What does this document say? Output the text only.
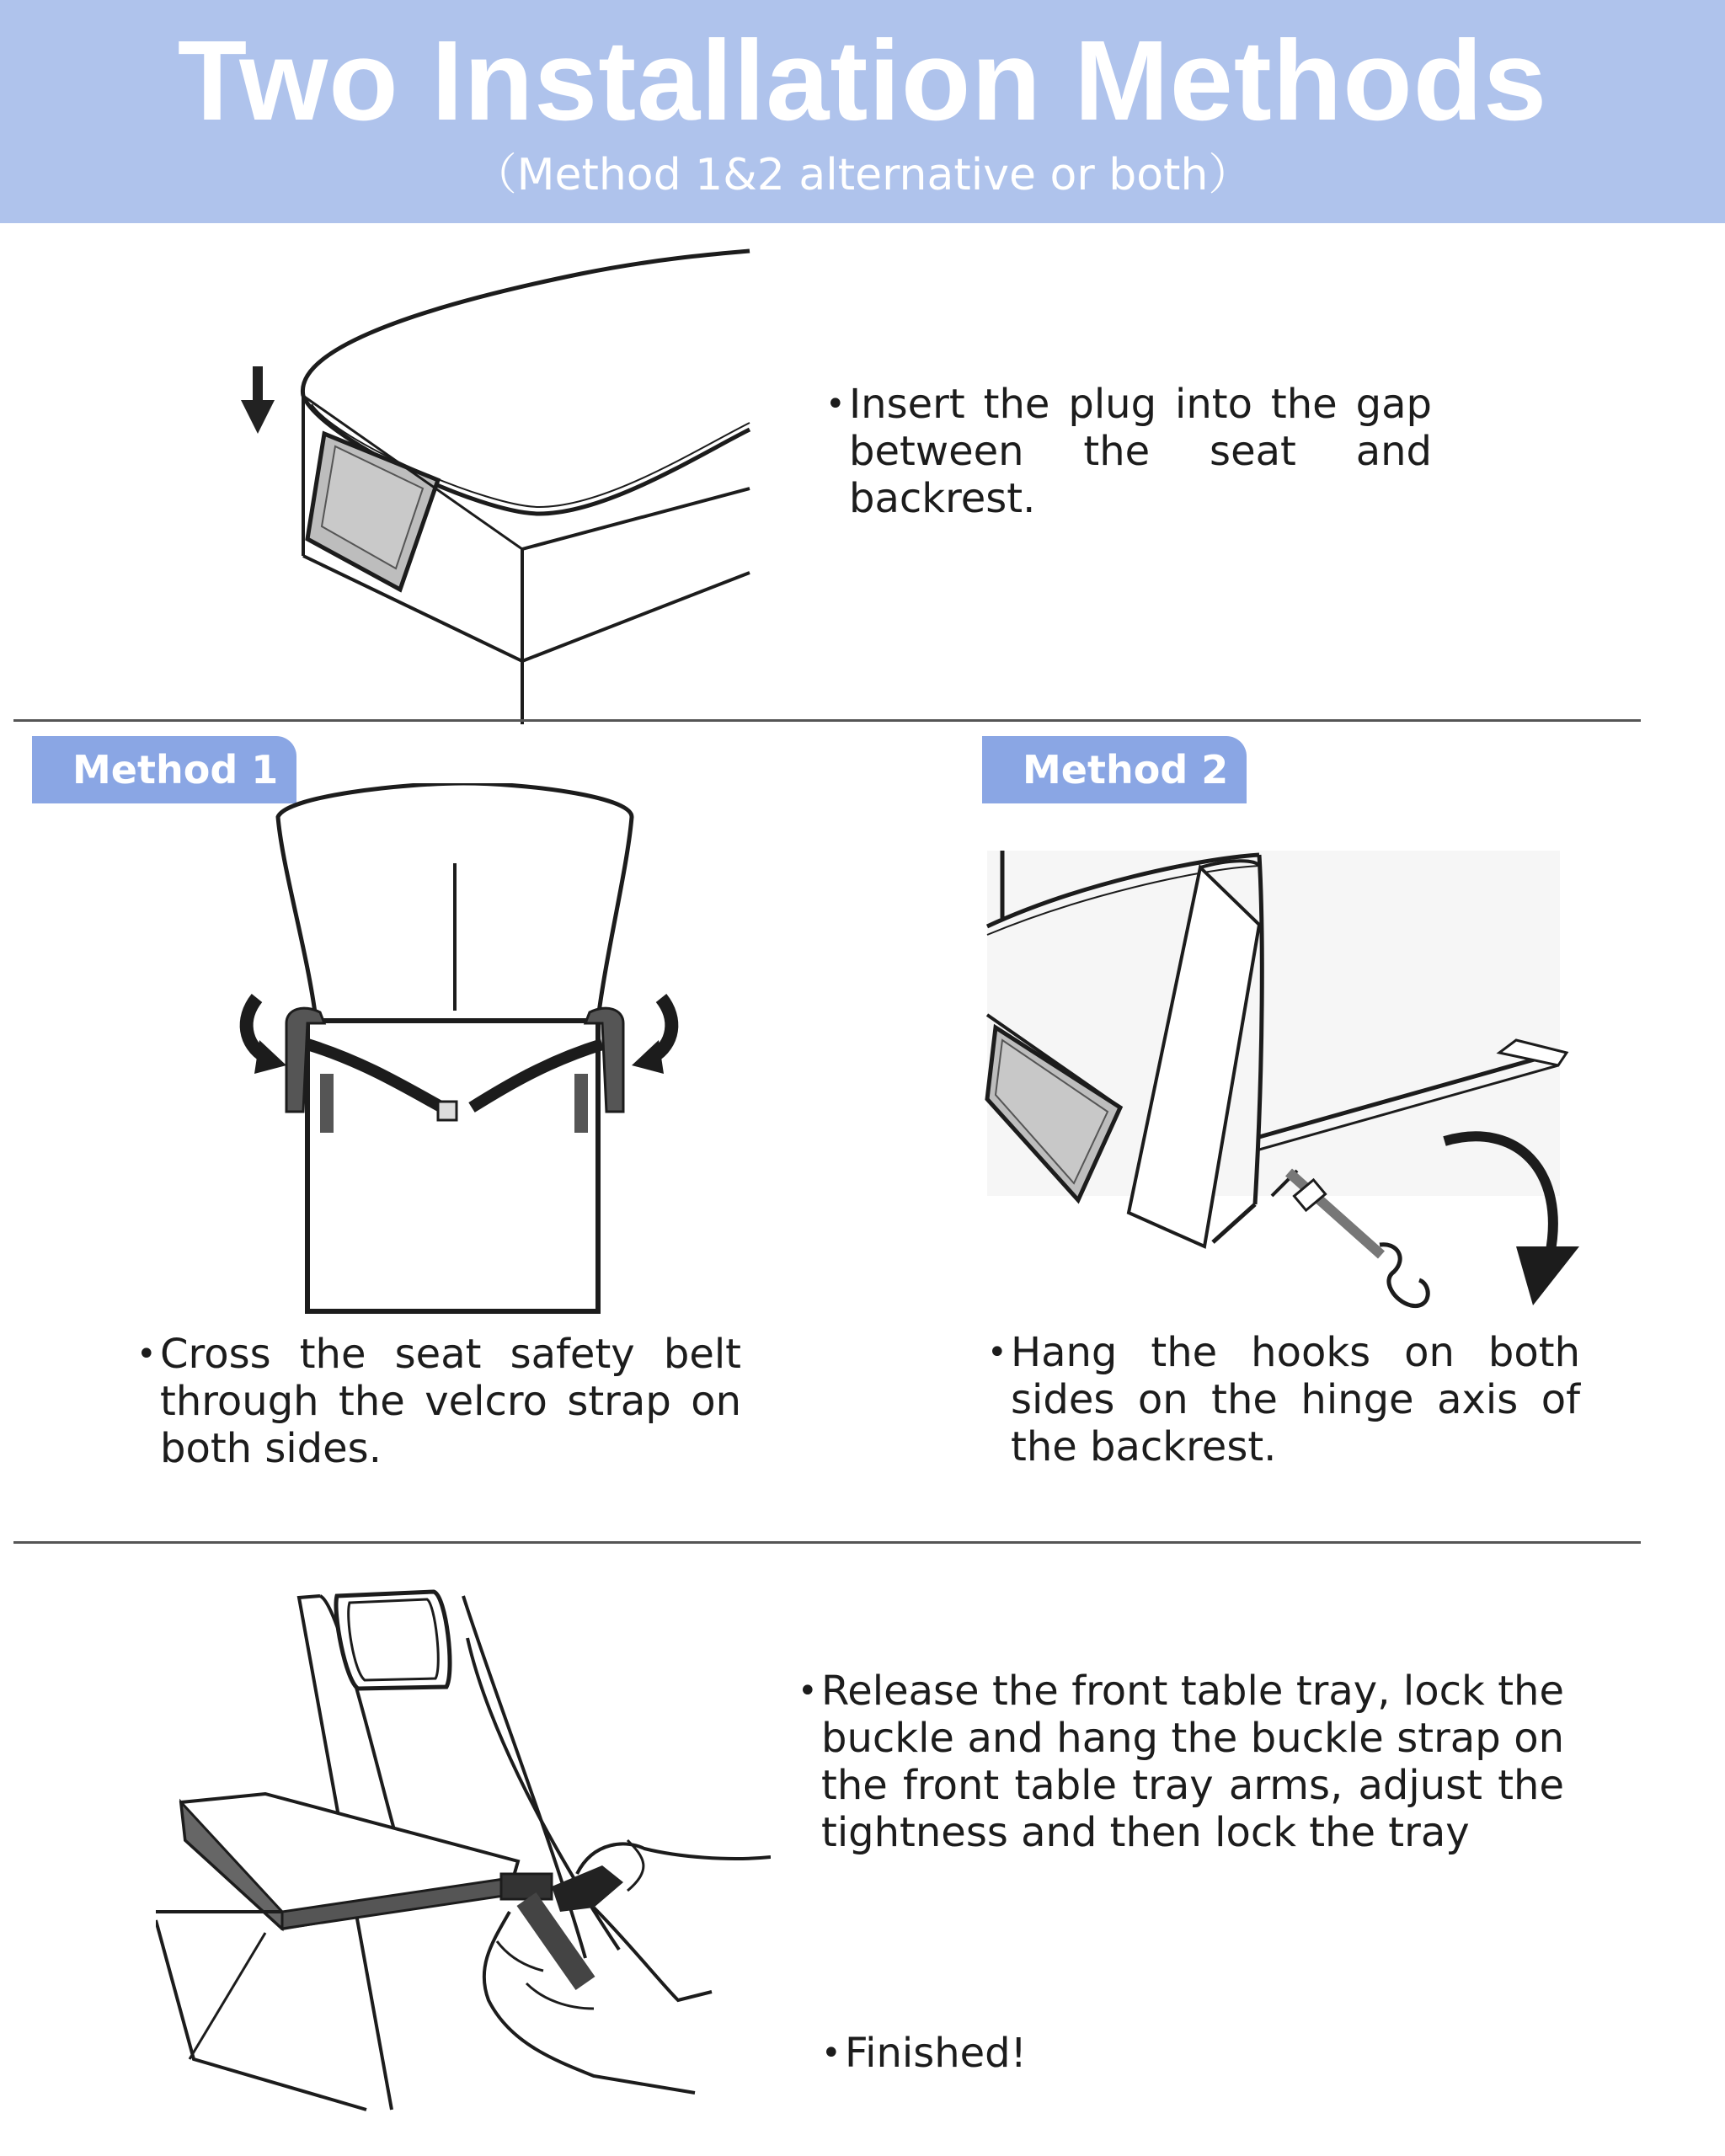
Two Installation Methods
（Method 1&2 alternative or both）
• Insert the plug into the gap between the seat and backrest.
Method 1	Method 2
• Cross the seat safety belt through the velcro strap on both sides.
• Hang the hooks on both sides on the hinge axis of the backrest.
• Release the front table tray, lock the buckle and hang the buckle strap on the front table tray arms, adjust the tightness and then lock the tray
• Finished!
